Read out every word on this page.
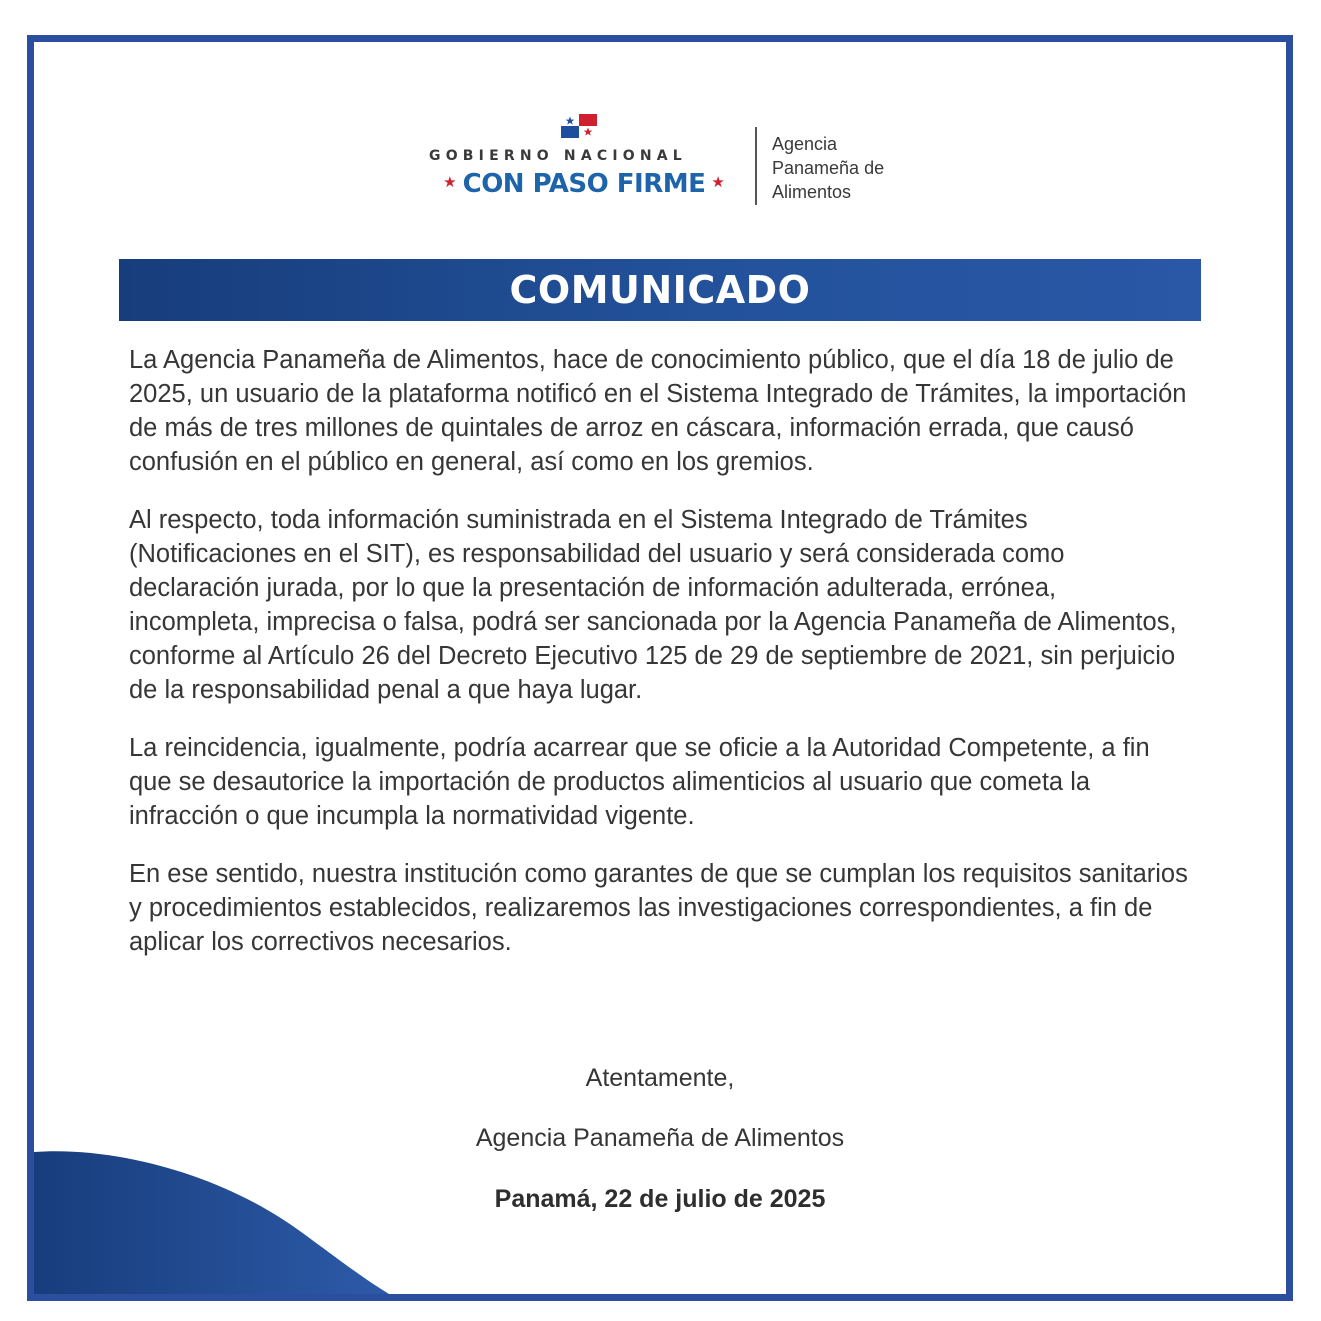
GOBIERNO NACIONAL
★ CON PASO FIRME ★
Agencia
Panameña de
Alimentos
COMUNICADO

La Agencia Panameña de Alimentos, hace de conocimiento público, que el día 18 de julio de 2025, un usuario de la plataforma notificó en el Sistema Integrado de Trámites, la importación de más de tres millones de quintales de arroz en cáscara, información errada, que causó confusión en el público en general, así como en los gremios.

Al respecto, toda información suministrada en el Sistema Integrado de Trámites (Notificaciones en el SIT), es responsabilidad del usuario y será considerada como declaración jurada, por lo que la presentación de información adulterada, errónea, incompleta, imprecisa o falsa, podrá ser sancionada por la Agencia Panameña de Alimentos, conforme al Artículo 26 del Decreto Ejecutivo 125 de 29 de septiembre de 2021, sin perjuicio de la responsabilidad penal a que haya lugar.

La reincidencia, igualmente, podría acarrear que se oficie a la Autoridad Competente, a fin que se desautorice la importación de productos alimenticios al usuario que cometa la infracción o que incumpla la normatividad vigente.

En ese sentido, nuestra institución como garantes de que se cumplan los requisitos sanitarios y procedimientos establecidos, realizaremos las investigaciones correspondientes, a fin de aplicar los correctivos necesarios.

Atentamente,
Agencia Panameña de Alimentos
Panamá, 22 de julio de 2025
